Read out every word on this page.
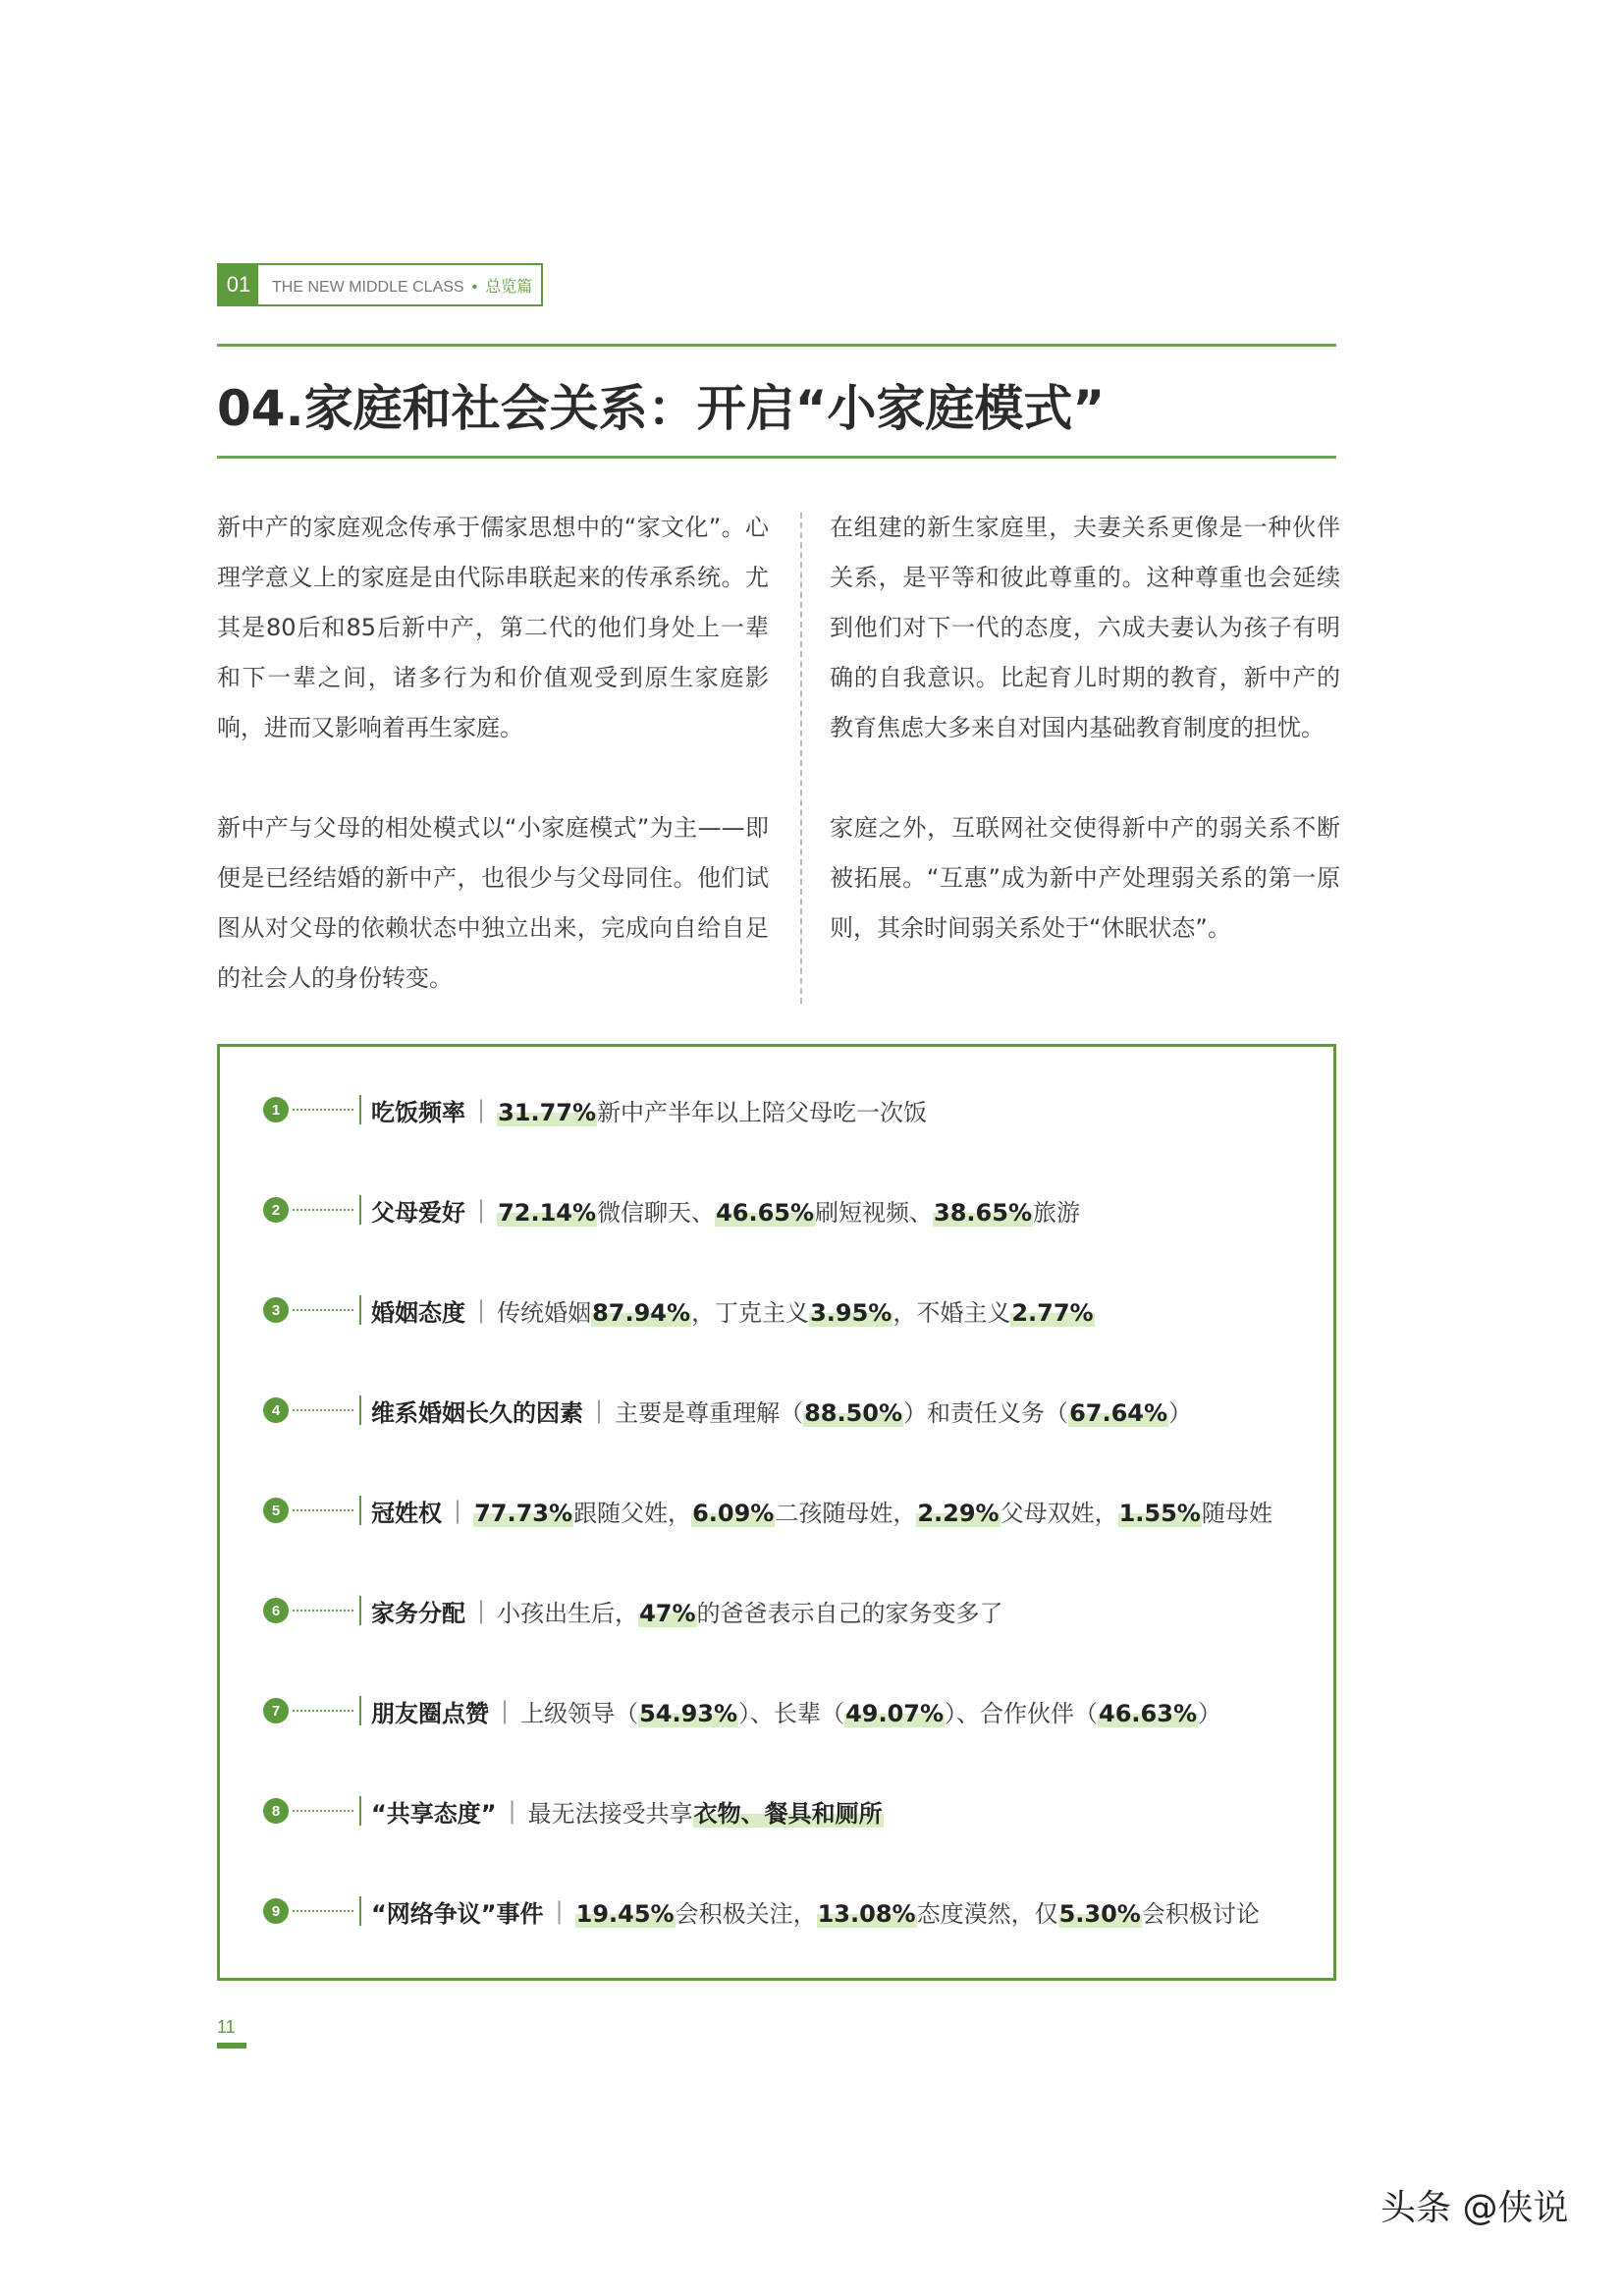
01	THE NEW MIDDLE CLASS • 总览篇
04.家庭和社会关系：开启“小家庭模式”

新中产的家庭观念传承于儒家思想中的“家文化”。心理学意义上的家庭是由代际串联起来的传承系统。尤其是80后和85后新中产，第二代的他们身处上一辈和下一辈之间，诸多行为和价值观受到原生家庭影响，进而又影响着再生家庭。

新中产与父母的相处模式以“小家庭模式”为主——即便是已经结婚的新中产，也很少与父母同住。他们试图从对父母的依赖状态中独立出来，完成向自给自足的社会人的身份转变。

在组建的新生家庭里，夫妻关系更像是一种伙伴关系，是平等和彼此尊重的。这种尊重也会延续到他们对下一代的态度，六成夫妻认为孩子有明确的自我意识。比起育儿时期的教育，新中产的教育焦虑大多来自对国内基础教育制度的担忧。

家庭之外，互联网社交使得新中产的弱关系不断被拓展。“互惠”成为新中产处理弱关系的第一原则，其余时间弱关系处于“休眠状态”。

1	吃饭频率 | 31.77%新中产半年以上陪父母吃一次饭
2	父母爱好 | 72.14%微信聊天、46.65%刷短视频、38.65%旅游
3	婚姻态度 | 传统婚姻87.94%，丁克主义3.95%，不婚主义2.77%
4	维系婚姻长久的因素 | 主要是尊重理解（88.50%）和责任义务（67.64%）
5	冠姓权 | 77.73%跟随父姓，6.09%二孩随母姓，2.29%父母双姓，1.55%随母姓
6	家务分配 | 小孩出生后，47%的爸爸表示自己的家务变多了
7	朋友圈点赞 | 上级领导（54.93%）、长辈（49.07%）、合作伙伴（46.63%）
8	“共享态度” | 最无法接受共享衣物、餐具和厕所
9	“网络争议”事件 | 19.45%会积极关注，13.08%态度漠然，仅5.30%会积极讨论
11
头条 @侠说
